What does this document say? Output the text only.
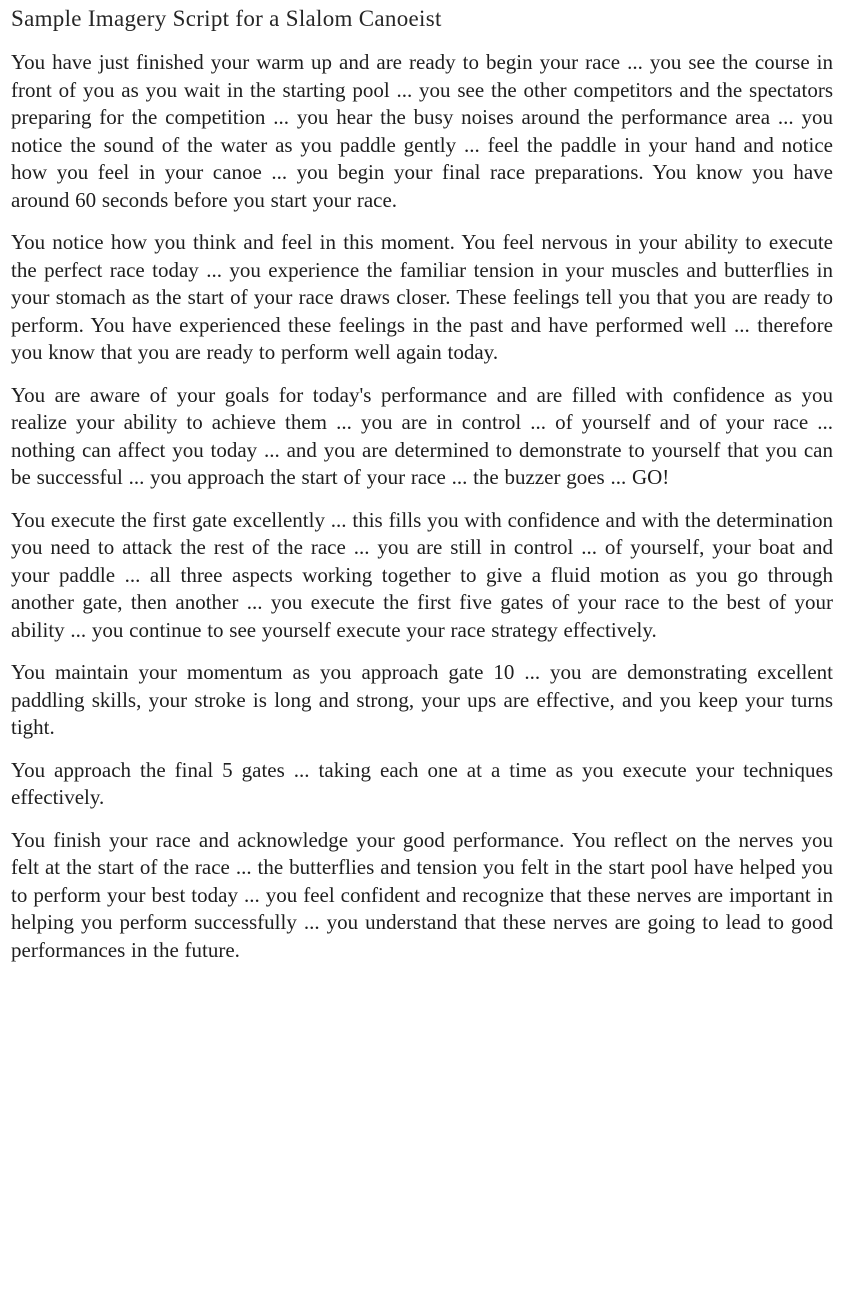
Sample Imagery Script for a Slalom Canoeist

You have just finished your warm up and are ready to begin your race ... you see the course in front of you as you wait in the starting pool ... you see the other competitors and the spectators preparing for the competition ... you hear the busy noises around the performance area ... you notice the sound of the water as you paddle gently ... feel the paddle in your hand and notice how you feel in your canoe ... you begin your final race preparations. You know you have around 60 seconds before you start your race.

You notice how you think and feel in this moment. You feel nervous in your ability to execute the perfect race today ... you experience the familiar tension in your muscles and butterflies in your stomach as the start of your race draws closer. These feelings tell you that you are ready to perform. You have experienced these feelings in the past and have performed well ... therefore you know that you are ready to perform well again today.

You are aware of your goals for today's performance and are filled with confidence as you realize your ability to achieve them ... you are in control ... of yourself and of your race ... nothing can affect you today ... and you are determined to demonstrate to yourself that you can be successful ... you approach the start of your race ... the buzzer goes ... GO!

You execute the first gate excellently ... this fills you with confidence and with the determination you need to attack the rest of the race ... you are still in control ... of yourself, your boat and your paddle ... all three aspects working together to give a fluid motion as you go through another gate, then another ... you execute the first five gates of your race to the best of your ability ... you continue to see yourself execute your race strategy effectively.

You maintain your momentum as you approach gate 10 ... you are demonstrating excellent paddling skills, your stroke is long and strong, your ups are effective, and you keep your turns tight.

You approach the final 5 gates ... taking each one at a time as you execute your techniques effectively.

You finish your race and acknowledge your good performance. You reflect on the nerves you felt at the start of the race ... the butterflies and tension you felt in the start pool have helped you to perform your best today ... you feel confident and recognize that these nerves are important in helping you perform successfully ... you understand that these nerves are going to lead to good performances in the future.
